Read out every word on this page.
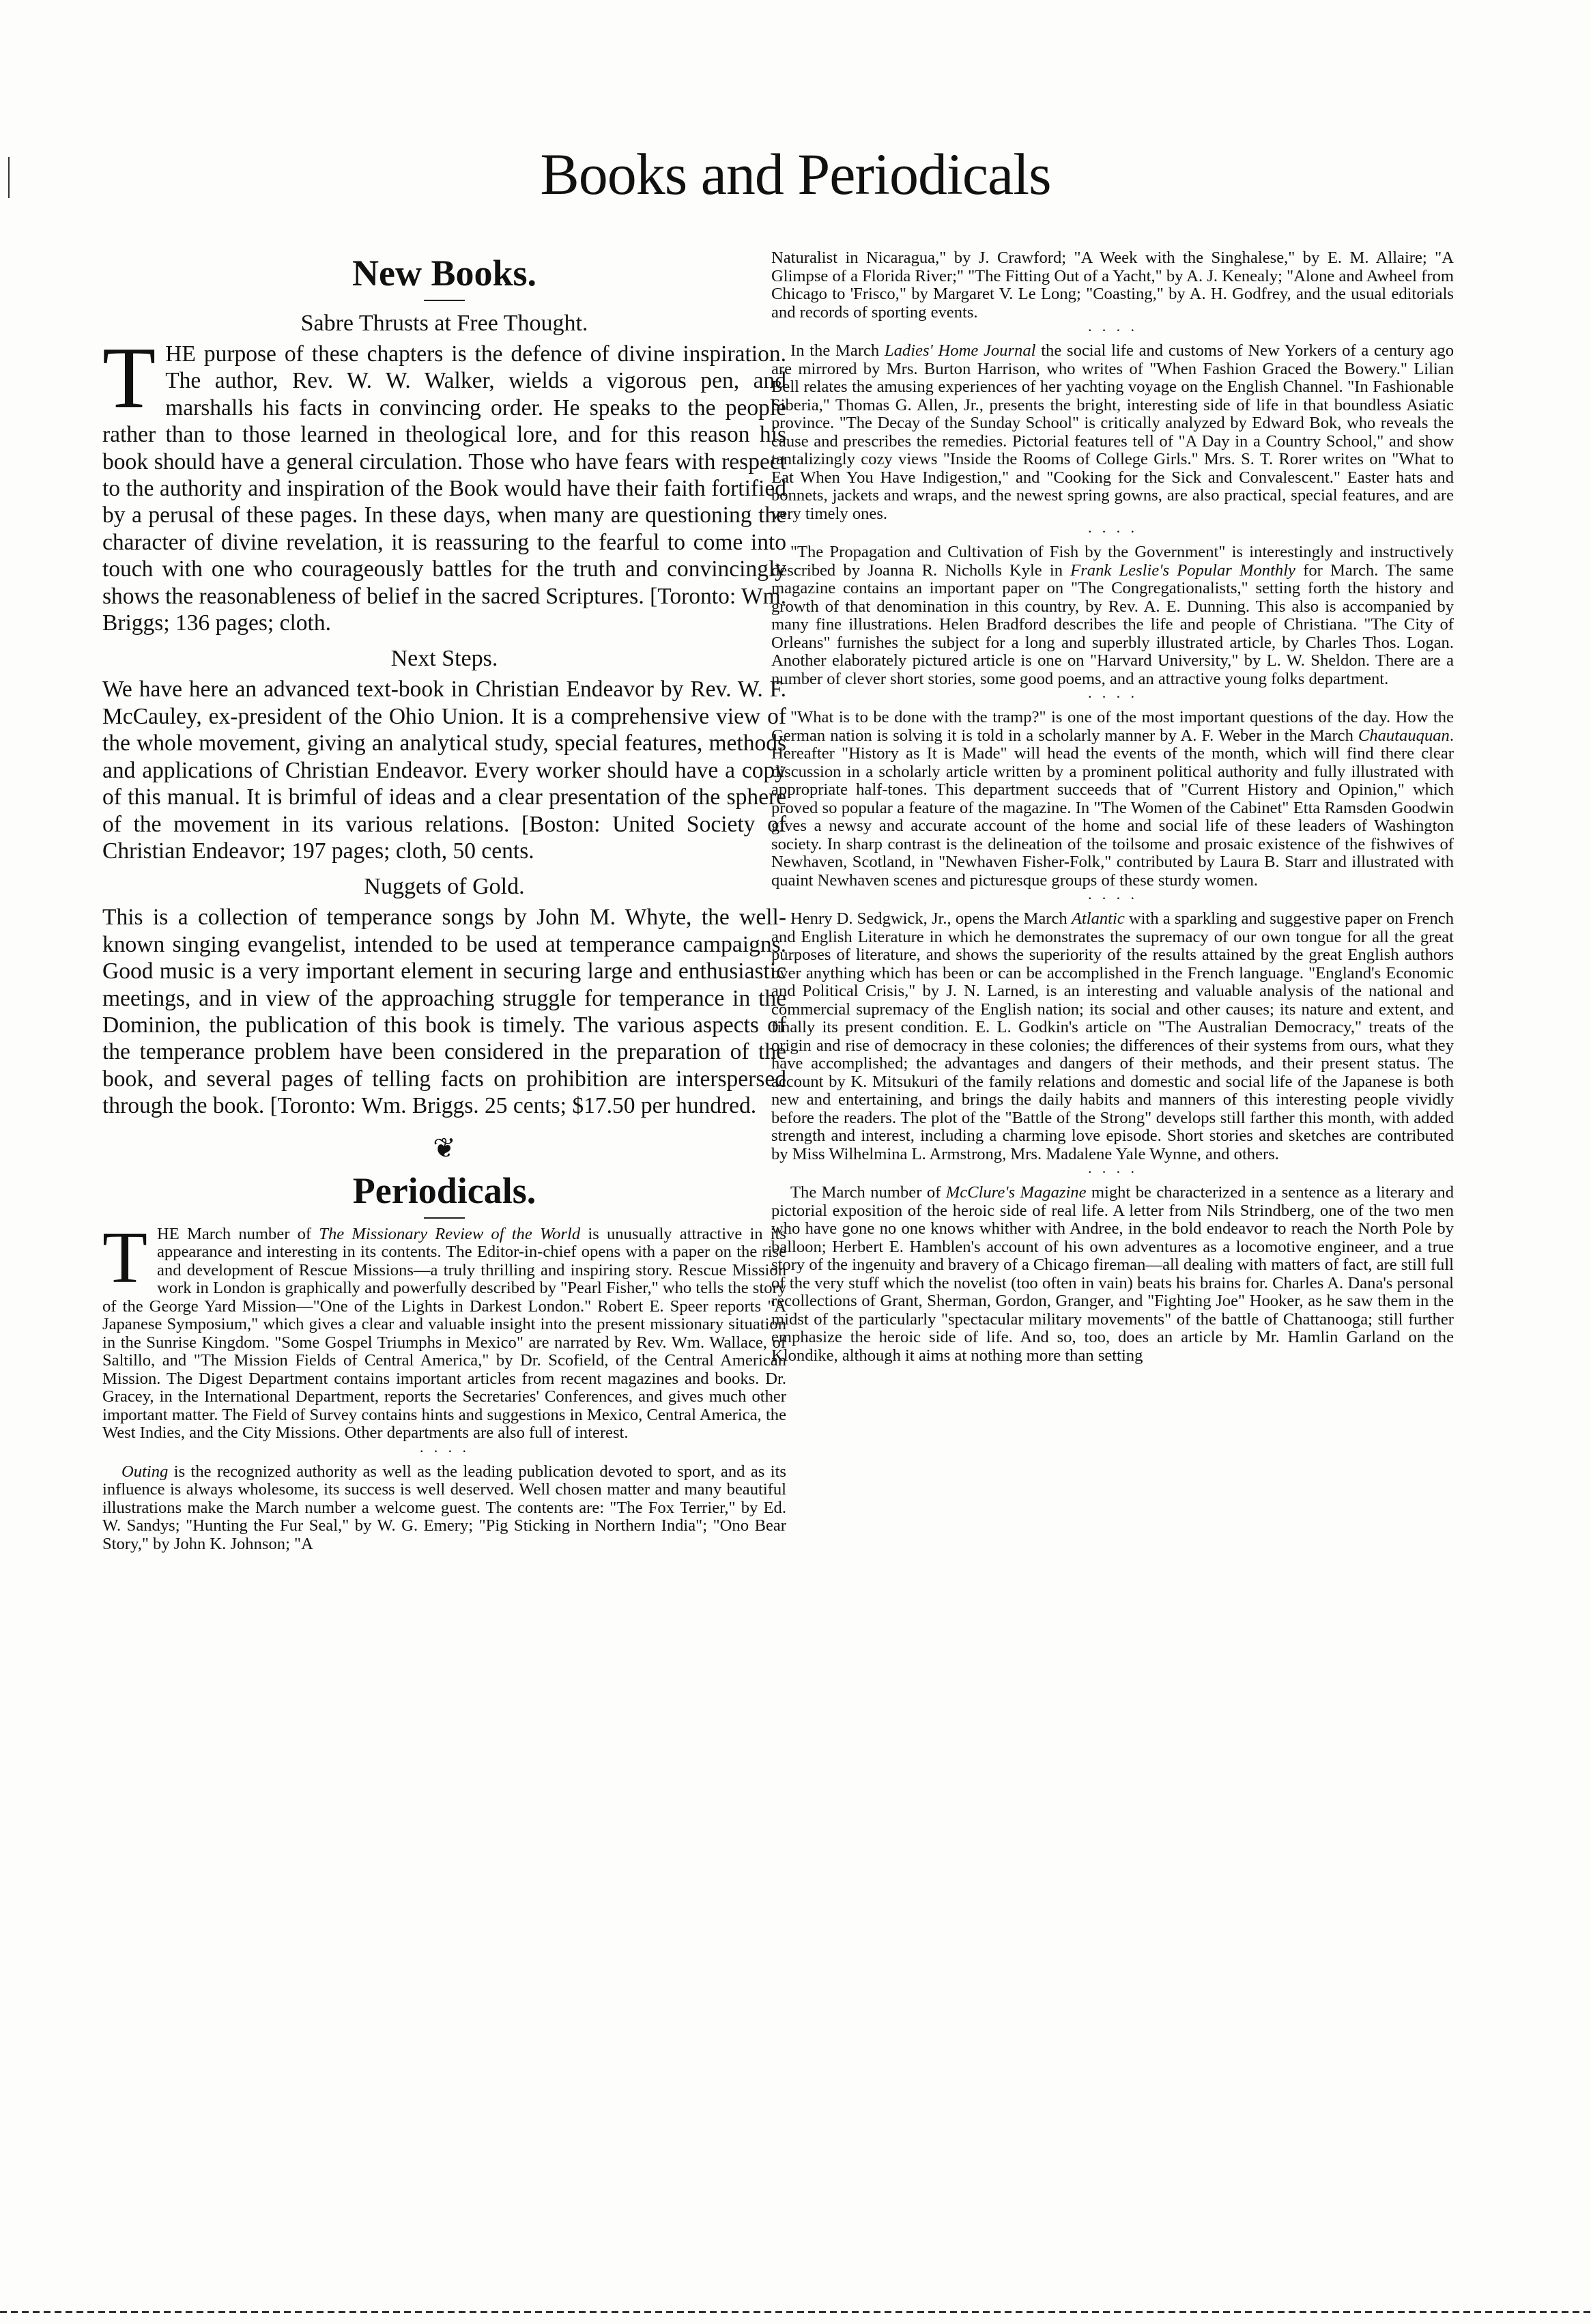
Books and Periodicals
New Books.
Sabre Thrusts at Free Thought.

THE purpose of these chapters is the defence of divine inspiration. The author, Rev. W. W. Walker, wields a vigorous pen, and marshalls his facts in convincing order. He speaks to the people rather than to those learned in theological lore, and for this reason his book should have a general circulation. Those who have fears with respect to the authority and inspiration of the Book would have their faith fortified by a perusal of these pages. In these days, when many are questioning the character of divine revelation, it is reassuring to the fearful to come into touch with one who courageously battles for the truth and convincingly shows the reasonableness of belief in the sacred Scriptures. [Toronto: Wm. Briggs; 136 pages; cloth.

Next Steps.

We have here an advanced text-book in Christian Endeavor by Rev. W. F. McCauley, ex-president of the Ohio Union. It is a comprehensive view of the whole movement, giving an analytical study, special features, methods and applications of Christian Endeavor. Every worker should have a copy of this manual. It is brimful of ideas and a clear presentation of the sphere of the movement in its various relations. [Boston: United Society of Christian Endeavor; 197 pages; cloth, 50 cents.

Nuggets of Gold.

This is a collection of temperance songs by John M. Whyte, the well-known singing evangelist, intended to be used at temperance campaigns. Good music is a very important element in securing large and enthusiastic meetings, and in view of the approaching struggle for temperance in the Dominion, the publication of this book is timely. The various aspects of the temperance problem have been considered in the preparation of the book, and several pages of telling facts on prohibition are interspersed through the book. [Toronto: Wm. Briggs. 25 cents; $17.50 per hundred.

❦
Periodicals.

THE March number of The Missionary Review of the World is unusually attractive in its appearance and interesting in its contents. The Editor-in-chief opens with a paper on the rise and development of Rescue Missions—a truly thrilling and inspiring story. Rescue Mission work in London is graphically and powerfully described by "Pearl Fisher," who tells the story of the George Yard Mission—"One of the Lights in Darkest London." Robert E. Speer reports "A Japanese Symposium," which gives a clear and valuable insight into the present missionary situation in the Sunrise Kingdom. "Some Gospel Triumphs in Mexico" are narrated by Rev. Wm. Wallace, of Saltillo, and "The Mission Fields of Central America," by Dr. Scofield, of the Central American Mission. The Digest Department contains important articles from recent magazines and books. Dr. Gracey, in the International Department, reports the Secretaries' Conferences, and gives much other important matter. The Field of Survey contains hints and suggestions in Mexico, Central America, the West Indies, and the City Missions. Other departments are also full of interest.

· · · ·

Outing is the recognized authority as well as the leading publication devoted to sport, and as its influence is always wholesome, its success is well deserved. Well chosen matter and many beautiful illustrations make the March number a welcome guest. The contents are: "The Fox Terrier," by Ed. W. Sandys; "Hunting the Fur Seal," by W. G. Emery; "Pig Sticking in Northern India"; "Ono Bear Story," by John K. Johnson; "A

Naturalist in Nicaragua," by J. Crawford; "A Week with the Singhalese," by E. M. Allaire; "A Glimpse of a Florida River;" "The Fitting Out of a Yacht," by A. J. Kenealy; "Alone and Awheel from Chicago to 'Frisco," by Margaret V. Le Long; "Coasting," by A. H. Godfrey, and the usual editorials and records of sporting events.

· · · ·

In the March Ladies' Home Journal the social life and customs of New Yorkers of a century ago are mirrored by Mrs. Burton Harrison, who writes of "When Fashion Graced the Bowery." Lilian Bell relates the amusing experiences of her yachting voyage on the English Channel. "In Fashionable Siberia," Thomas G. Allen, Jr., presents the bright, interesting side of life in that boundless Asiatic province. "The Decay of the Sunday School" is critically analyzed by Edward Bok, who reveals the cause and prescribes the remedies. Pictorial features tell of "A Day in a Country School," and show tantalizingly cozy views "Inside the Rooms of College Girls." Mrs. S. T. Rorer writes on "What to Eat When You Have Indigestion," and "Cooking for the Sick and Convalescent." Easter hats and bonnets, jackets and wraps, and the newest spring gowns, are also practical, special features, and are very timely ones.

· · · ·

"The Propagation and Cultivation of Fish by the Government" is interestingly and instructively described by Joanna R. Nicholls Kyle in Frank Leslie's Popular Monthly for March. The same magazine contains an important paper on "The Congregationalists," setting forth the history and growth of that denomination in this country, by Rev. A. E. Dunning. This also is accompanied by many fine illustrations. Helen Bradford describes the life and people of Christiana. "The City of Orleans" furnishes the subject for a long and superbly illustrated article, by Charles Thos. Logan. Another elaborately pictured article is one on "Harvard University," by L. W. Sheldon. There are a number of clever short stories, some good poems, and an attractive young folks department.

· · · ·

"What is to be done with the tramp?" is one of the most important questions of the day. How the German nation is solving it is told in a scholarly manner by A. F. Weber in the March Chautauquan. Hereafter "History as It is Made" will head the events of the month, which will find there clear discussion in a scholarly article written by a prominent political authority and fully illustrated with appropriate half-tones. This department succeeds that of "Current History and Opinion," which proved so popular a feature of the magazine. In "The Women of the Cabinet" Etta Ramsden Goodwin gives a newsy and accurate account of the home and social life of these leaders of Washington society. In sharp contrast is the delineation of the toilsome and prosaic existence of the fishwives of Newhaven, Scotland, in "Newhaven Fisher-Folk," contributed by Laura B. Starr and illustrated with quaint Newhaven scenes and picturesque groups of these sturdy women.

· · · ·

Henry D. Sedgwick, Jr., opens the March Atlantic with a sparkling and suggestive paper on French and English Literature in which he demonstrates the supremacy of our own tongue for all the great purposes of literature, and shows the superiority of the results attained by the great English authors over anything which has been or can be accomplished in the French language. "England's Economic and Political Crisis," by J. N. Larned, is an interesting and valuable analysis of the national and commercial supremacy of the English nation; its social and other causes; its nature and extent, and finally its present condition. E. L. Godkin's article on "The Australian Democracy," treats of the origin and rise of democracy in these colonies; the differences of their systems from ours, what they have accomplished; the advantages and dangers of their methods, and their present status. The account by K. Mitsukuri of the family relations and domestic and social life of the Japanese is both new and entertaining, and brings the daily habits and manners of this interesting people vividly before the readers. The plot of the "Battle of the Strong" develops still farther this month, with added strength and interest, including a charming love episode. Short stories and sketches are contributed by Miss Wilhelmina L. Armstrong, Mrs. Madalene Yale Wynne, and others.

· · · ·

The March number of McClure's Magazine might be characterized in a sentence as a literary and pictorial exposition of the heroic side of real life. A letter from Nils Strindberg, one of the two men who have gone no one knows whither with Andree, in the bold endeavor to reach the North Pole by balloon; Herbert E. Hamblen's account of his own adventures as a locomotive engineer, and a true story of the ingenuity and bravery of a Chicago fireman—all dealing with matters of fact, are still full of the very stuff which the novelist (too often in vain) beats his brains for. Charles A. Dana's personal recollections of Grant, Sherman, Gordon, Granger, and "Fighting Joe" Hooker, as he saw them in the midst of the particularly "spectacular military movements" of the battle of Chattanooga; still further emphasize the heroic side of life. And so, too, does an article by Mr. Hamlin Garland on the Klondike, although it aims at nothing more than setting
